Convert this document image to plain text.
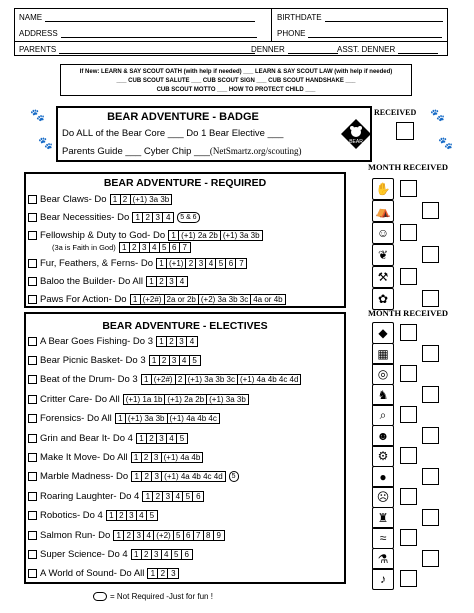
NAME	BIRTHDATE
ADDRESS	PHONE
PARENTS	DENNER	ASST. DENNER
If New: LEARN & SAY SCOUT OATH (with help if needed) ___ LEARN & SAY SCOUT LAW (with help if needed)
___ CUB SCOUT SALUTE ___ CUB SCOUT SIGN ___ CUB SCOUT HANDSHAKE ___
CUB SCOUT MOTTO ___ HOW TO PROTECT CHILD ___
🐾
🐾
🐾
🐾
BEAR ADVENTURE - BADGE
Do ALL of the Bear Core ___ Do 1 Bear Elective ___
Parents Guide ___ Cyber Chip ___(NetSmartz.org/scouting)
BEAR
RECEIVED
BEAR ADVENTURE - REQUIRED
MONTH RECEIVED
BEAR ADVENTURE - ELECTIVES
MONTH RECEIVED
Bear Claws- Do 1 2 (+1) 3a 3b
Bear Necessities- Do 1 2 3 4	5 & 6
Fellowship & Duty to God- Do 1 (+1) 2a 2b (+1) 3a 3b
Fur, Feathers, & Ferns- Do 1 (+1) 2 3 4 5 6 7
Baloo the Builder- Do All 1 2 3 4
Paws For Action- Do 1 (+2#) 2a or 2b (+2) 3a 3b 3c 4a or 4b
(3a is Faith in God) 1 2 3 4 5 6 7
A Bear Goes Fishing- Do 3 1 2 3 4
Bear Picnic Basket- Do 3 1 2 3 4 5
Beat of the Drum- Do 3 1 (+2#) 2 (+1) 3a 3b 3c (+1) 4a 4b 4c 4d
Critter Care- Do All (+1) 1a 1b (+1) 2a 2b (+1) 3a 3b
Forensics- Do All 1 (+1) 3a 3b (+1) 4a 4b 4c
Grin and Bear It- Do 4 1 2 3 4 5
Make It Move- Do All 1 2 3 (+1) 4a 4b
Marble Madness- Do 1 2 3 (+1) 4a 4b 4c 4d	5
Roaring Laughter- Do 4 1 2 3 4 5 6
Robotics- Do 4 1 2 3 4 5
Salmon Run- Do 1 2 3 4 (+2) 5 6 7 8 9
Super Science- Do 4 1 2 3 4 5 6
A World of Sound- Do All 1 2 3
✋
⛺
☺
❦
⚒
✿
◆
▦
◎
♞
⌕
☻
⚙
●
☹
♜
≈
⚗
♪
= Not Required -Just for fun !
